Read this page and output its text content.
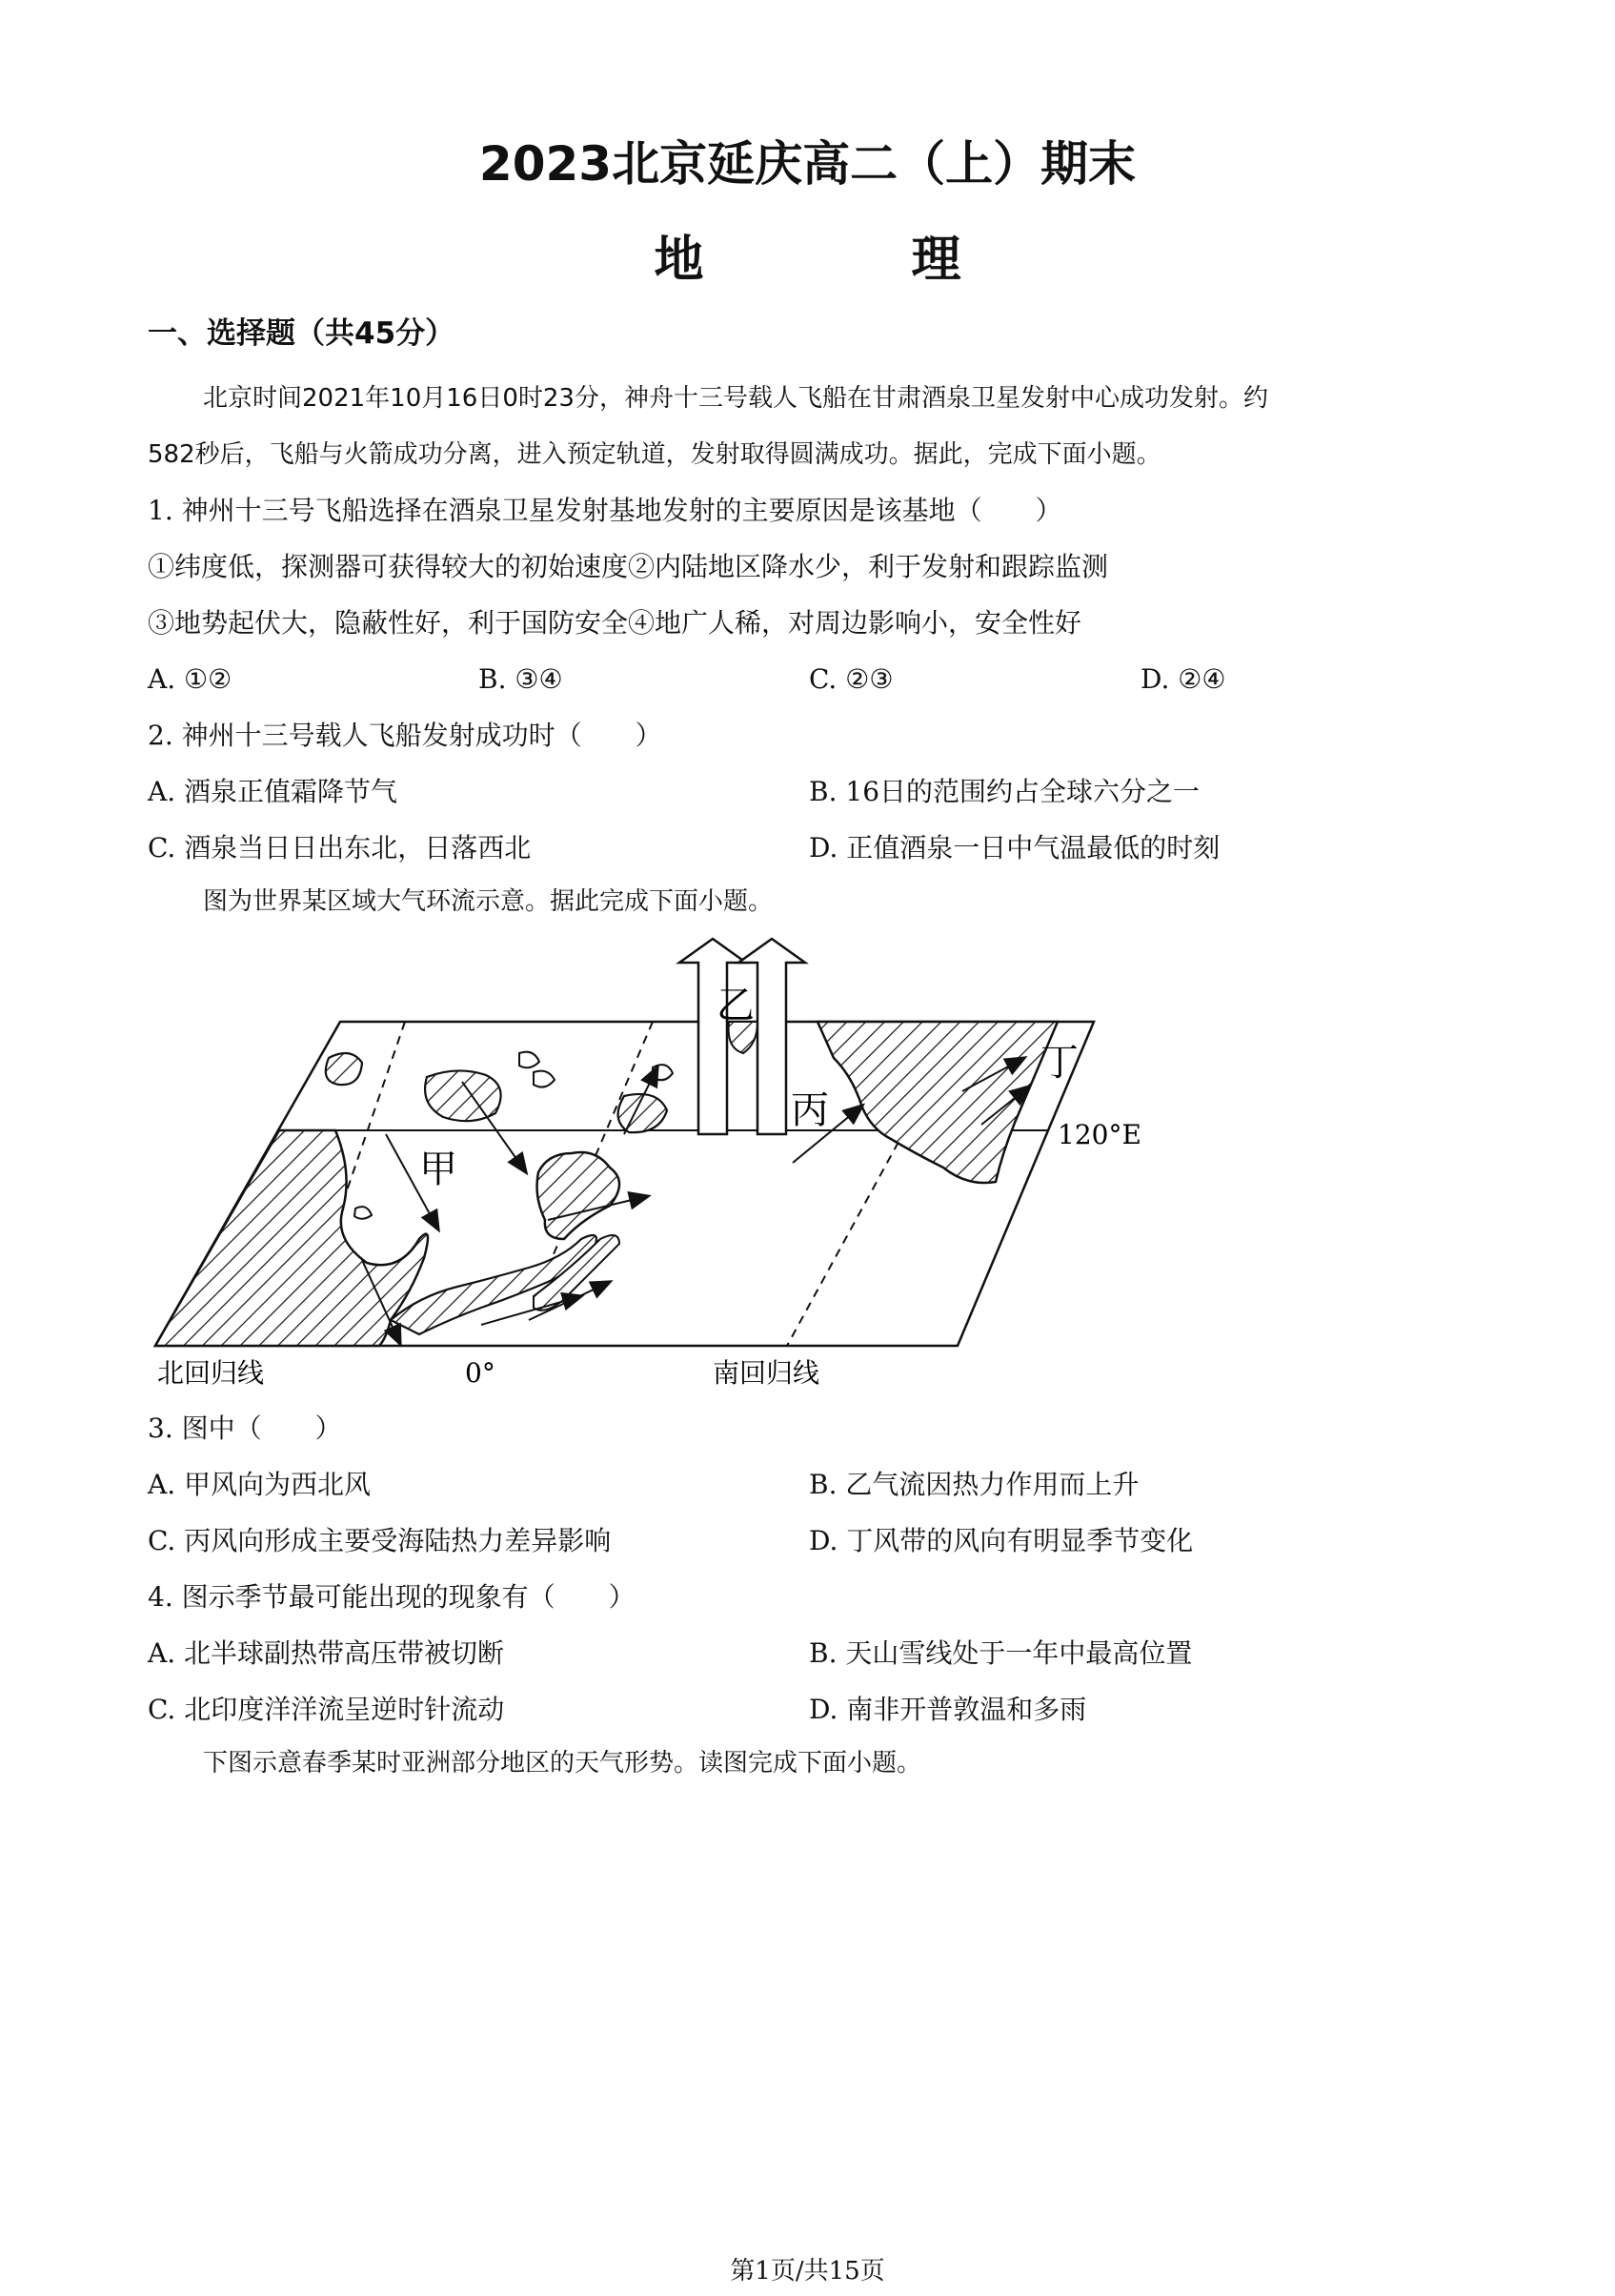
2023北京延庆高二（上）期末
地 理
一、选择题（共45分）
北京时间2021年10月16日0时23分，神舟十三号载人飞船在甘肃酒泉卫星发射中心成功发射。约
582秒后，飞船与火箭成功分离，进入预定轨道，发射取得圆满成功。据此，完成下面小题。
1. 神州十三号飞船选择在酒泉卫星发射基地发射的主要原因是该基地（　　）
①纬度低，探测器可获得较大的初始速度②内陆地区降水少，利于发射和跟踪监测
③地势起伏大，隐蔽性好，利于国防安全④地广人稀，对周边影响小，安全性好
A. ①②	B. ③④	C. ②③	D. ②④
2. 神州十三号载人飞船发射成功时（　　）
A. 酒泉正值霜降节气	B. 16日的范围约占全球六分之一
C. 酒泉当日日出东北，日落西北	D. 正值酒泉一日中气温最低的时刻
图为世界某区域大气环流示意。据此完成下面小题。
甲
乙
丙
丁
120°E
北回归线	0°	南回归线
3. 图中（　　）
A. 甲风向为西北风	B. 乙气流因热力作用而上升
C. 丙风向形成主要受海陆热力差异影响	D. 丁风带的风向有明显季节变化
4. 图示季节最可能出现的现象有（　　）
A. 北半球副热带高压带被切断	B. 天山雪线处于一年中最高位置
C. 北印度洋洋流呈逆时针流动	D. 南非开普敦温和多雨
下图示意春季某时亚洲部分地区的天气形势。读图完成下面小题。
第1页/共15页
